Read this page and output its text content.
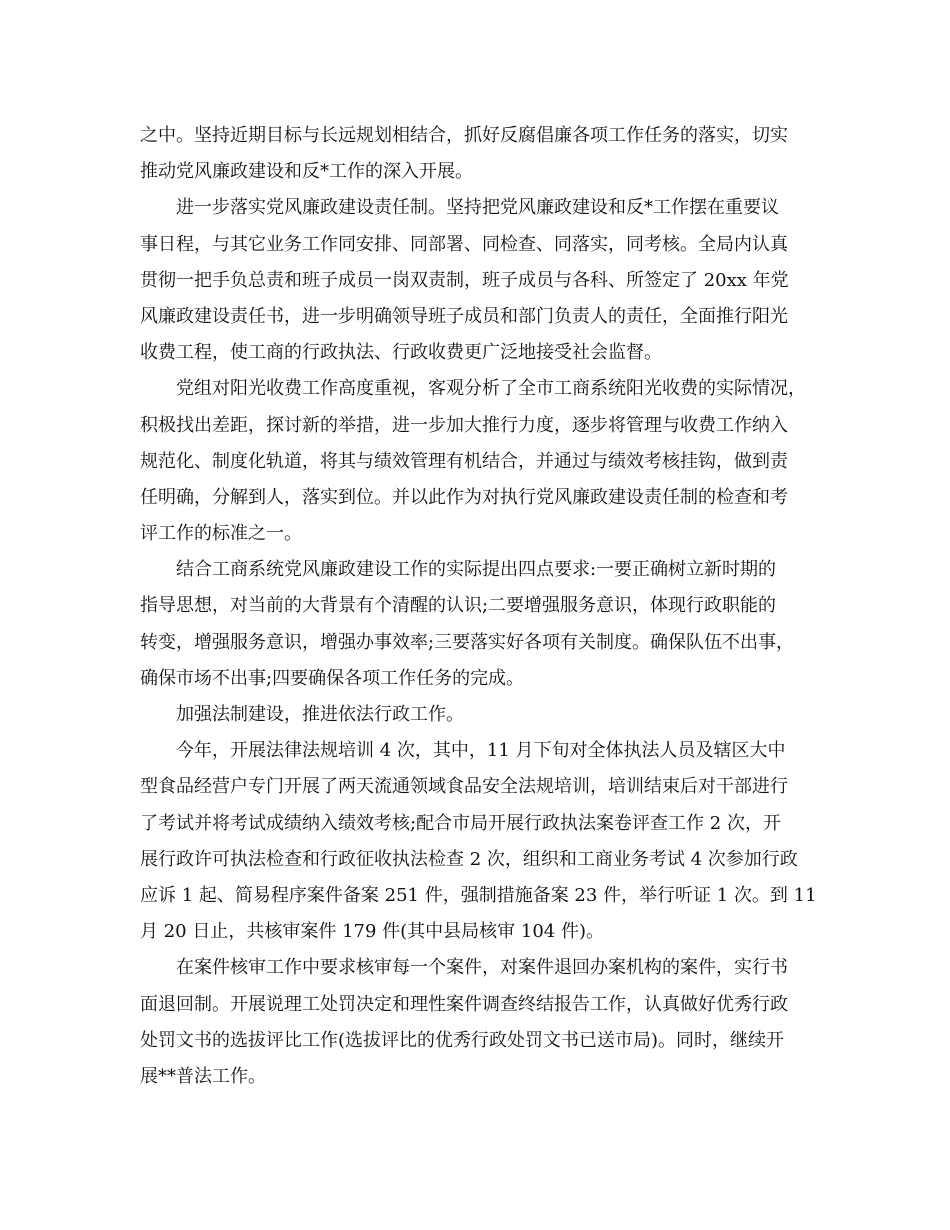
之中。坚持近期目标与长远规划相结合，抓好反腐倡廉各项工作任务的落实，切实
推动党风廉政建设和反*工作的深入开展。
进一步落实党风廉政建设责任制。坚持把党风廉政建设和反*工作摆在重要议
事日程，与其它业务工作同安排、同部署、同检查、同落实，同考核。全局内认真
贯彻一把手负总责和班子成员一岗双责制，班子成员与各科、所签定了 20xx 年党
风廉政建设责任书，进一步明确领导班子成员和部门负责人的责任，全面推行阳光
收费工程，使工商的行政执法、行政收费更广泛地接受社会监督。
党组对阳光收费工作高度重视，客观分析了全市工商系统阳光收费的实际情况，
积极找出差距，探讨新的举措，进一步加大推行力度，逐步将管理与收费工作纳入
规范化、制度化轨道，将其与绩效管理有机结合，并通过与绩效考核挂钩，做到责
任明确，分解到人，落实到位。并以此作为对执行党风廉政建设责任制的检查和考
评工作的标准之一。
结合工商系统党风廉政建设工作的实际提出四点要求:一要正确树立新时期的
指导思想，对当前的大背景有个清醒的认识;二要增强服务意识，体现行政职能的
转变，增强服务意识，增强办事效率;三要落实好各项有关制度。确保队伍不出事，
确保市场不出事;四要确保各项工作任务的完成。
加强法制建设，推进依法行政工作。
今年，开展法律法规培训 4 次，其中，11 月下旬对全体执法人员及辖区大中
型食品经营户专门开展了两天流通领域食品安全法规培训，培训结束后对干部进行
了考试并将考试成绩纳入绩效考核;配合市局开展行政执法案卷评查工作 2 次，开
展行政许可执法检查和行政征收执法检查 2 次，组织和工商业务考试 4 次参加行政
应诉 1 起、简易程序案件备案 251 件，强制措施备案 23 件，举行听证 1 次。到 11
月 20 日止，共核审案件 179 件(其中县局核审 104 件)。
在案件核审工作中要求核审每一个案件，对案件退回办案机构的案件，实行书
面退回制。开展说理工处罚决定和理性案件调查终结报告工作，认真做好优秀行政
处罚文书的选拔评比工作(选拔评比的优秀行政处罚文书已送市局)。同时，继续开
展**普法工作。
